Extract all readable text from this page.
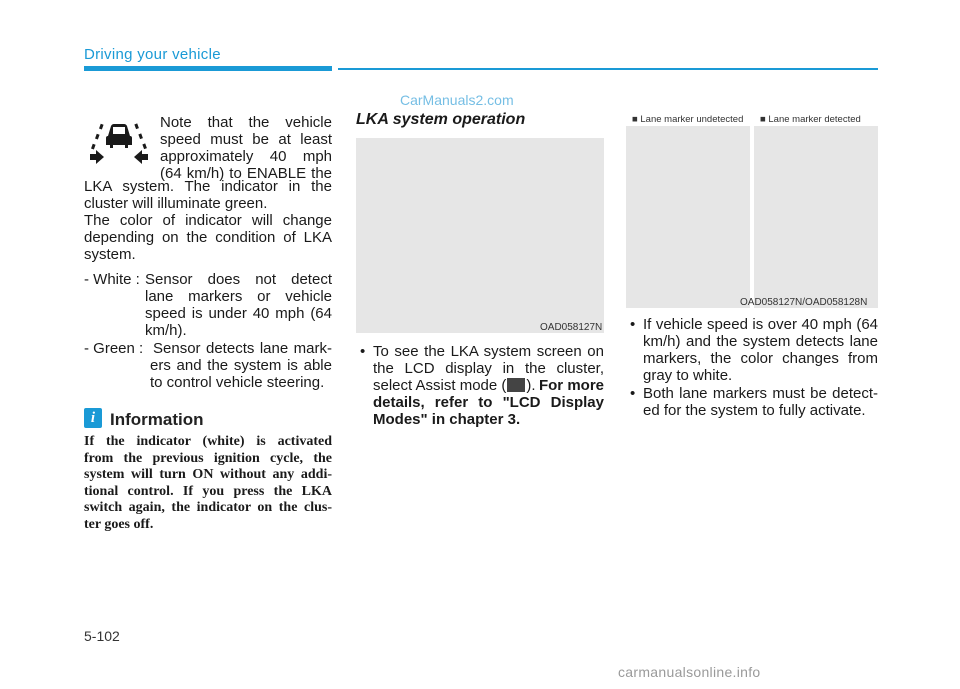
Driving your vehicle
CarManuals2.com
Note that the vehicle
speed must be at least
approximately 40 mph
(64 km/h) to ENABLE the
LKA system. The indicator in the
cluster will illuminate green.
The color of indicator will change
depending on the condition of LKA
system.
- White : Sensor does not detect
lane markers or vehicle
speed is under 40 mph (64
km/h).
- Green : Sensor detects lane mark-
ers and the system is able
to control vehicle steering.
i Information
If the indicator (white) is activated
from the previous ignition cycle, the
system will turn ON without any addi-
tional control. If you press the LKA
switch again, the indicator on the clus-
ter goes off.
LKA system operation
OAD058127N
• To see the LKA system screen on
the LCD display in the cluster,
select Assist mode ( ). For more
details, refer to "LCD Display
Modes" in chapter 3.
■ Lane marker undetected ■ Lane marker detected
OAD058127N/OAD058128N
• If vehicle speed is over 40 mph (64
km/h) and the system detects lane
markers, the color changes from
gray to white.
• Both lane markers must be detect-
ed for the system to fully activate.
5-102
carmanualsonline.info
